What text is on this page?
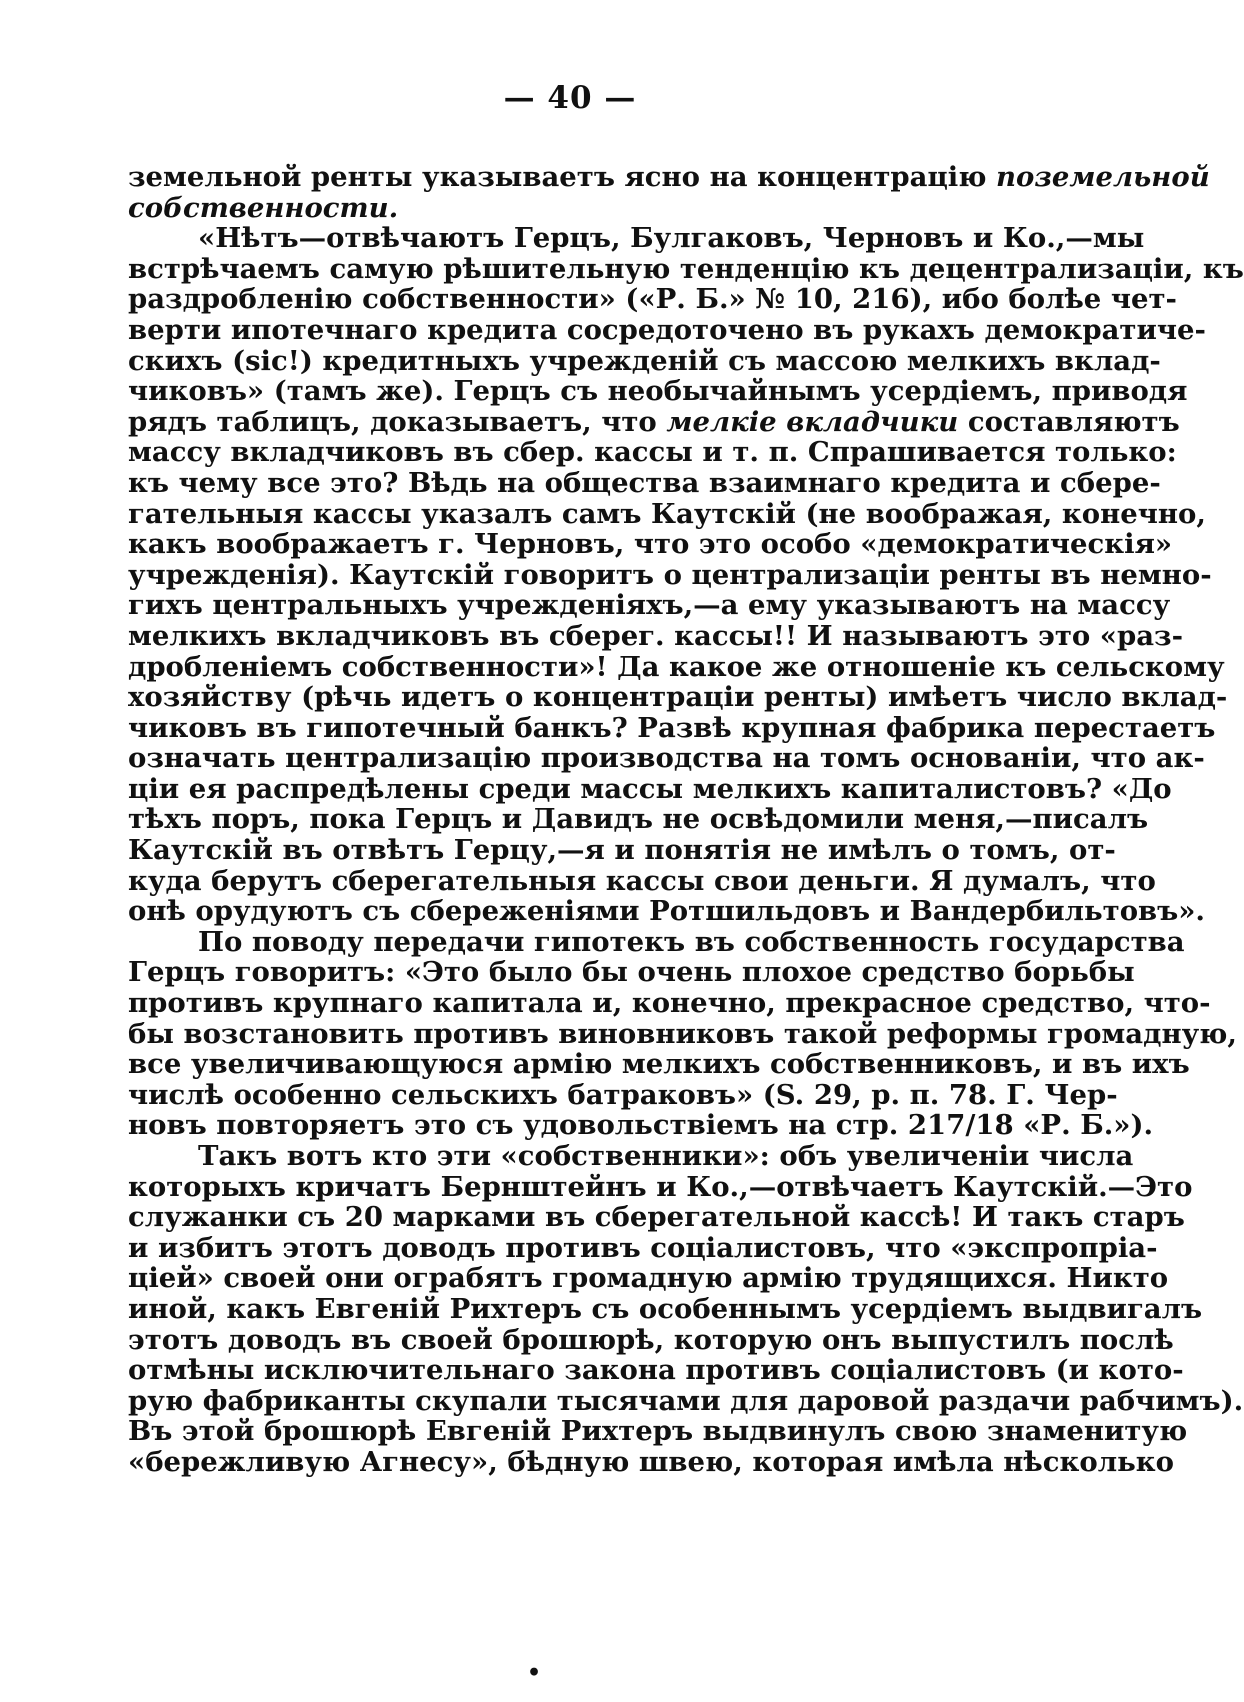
— 40 —
земельной ренты указываетъ ясно на концентрацію поземельной
собственности.
«Нѣтъ—отвѣчаютъ Герцъ, Булгаковъ, Черновъ и Ко.,—мы
встрѣчаемъ самую рѣшительную тенденцію къ децентрализаціи, къ
раздробленію собственности» («Р. Б.» № 10, 216), ибо болѣе чет-
верти ипотечнаго кредита сосредоточено въ рукахъ демократиче-
скихъ (sic!) кредитныхъ учрежденій съ массою мелкихъ вклад-
чиковъ» (тамъ же). Герцъ съ необычайнымъ усердіемъ, приводя
рядъ таблицъ, доказываетъ, что мелкіе вкладчики составляютъ
массу вкладчиковъ въ сбер. кассы и т. п. Спрашивается только:
къ чему все это? Вѣдь на общества взаимнаго кредита и сбере-
гательныя кассы указалъ самъ Каутскій (не воображая, конечно,
какъ воображаетъ г. Черновъ, что это особо «демократическія»
учрежденія). Каутскій говоритъ о централизаціи ренты въ немно-
гихъ центральныхъ учрежденіяхъ,—а ему указываютъ на массу
мелкихъ вкладчиковъ въ сберег. кассы!! И называютъ это «раз-
дробленіемъ собственности»! Да какое же отношеніе къ сельскому
хозяйству (рѣчь идетъ о концентраціи ренты) имѣетъ число вклад-
чиковъ въ гипотечный банкъ? Развѣ крупная фабрика перестаетъ
означать централизацію производства на томъ основаніи, что ак-
ціи ея распредѣлены среди массы мелкихъ капиталистовъ? «До
тѣхъ поръ, пока Герцъ и Давидъ не освѣдомили меня,—писалъ
Каутскій въ отвѣтъ Герцу,—я и понятія не имѣлъ о томъ, от-
куда берутъ сберегательныя кассы свои деньги. Я думалъ, что
онѣ орудуютъ съ сбереженіями Ротшильдовъ и Вандербильтовъ».
По поводу передачи гипотекъ въ собственность государства
Герцъ говоритъ: «Это было бы очень плохое средство борьбы
противъ крупнаго капитала и, конечно, прекрасное средство, что-
бы возстановить противъ виновниковъ такой реформы громадную,
все увеличивающуюся армію мелкихъ собственниковъ, и въ ихъ
числѣ особенно сельскихъ батраковъ» (S. 29, p. п. 78. Г. Чер-
новъ повторяетъ это съ удовольствіемъ на стр. 217/18 «Р. Б.»).
Такъ вотъ кто эти «собственники»: объ увеличеніи числа
которыхъ кричатъ Бернштейнъ и Ко.,—отвѣчаетъ Каутскій.—Это
служанки съ 20 марками въ сберегательной кассѣ! И такъ старъ
и избитъ этотъ доводъ противъ соціалистовъ, что «экспропріа-
ціей» своей они ограбятъ громадную армію трудящихся. Никто
иной, какъ Евгеній Рихтеръ съ особеннымъ усердіемъ выдвигалъ
этотъ доводъ въ своей брошюрѣ, которую онъ выпустилъ послѣ
отмѣны исключительнаго закона противъ соціалистовъ (и кото-
рую фабриканты скупали тысячами для даровой раздачи рабчимъ).
Въ этой брошюрѣ Евгеній Рихтеръ выдвинулъ свою знаменитую
«бережливую Агнесу», бѣдную швею, которая имѣла нѣсколько
•
